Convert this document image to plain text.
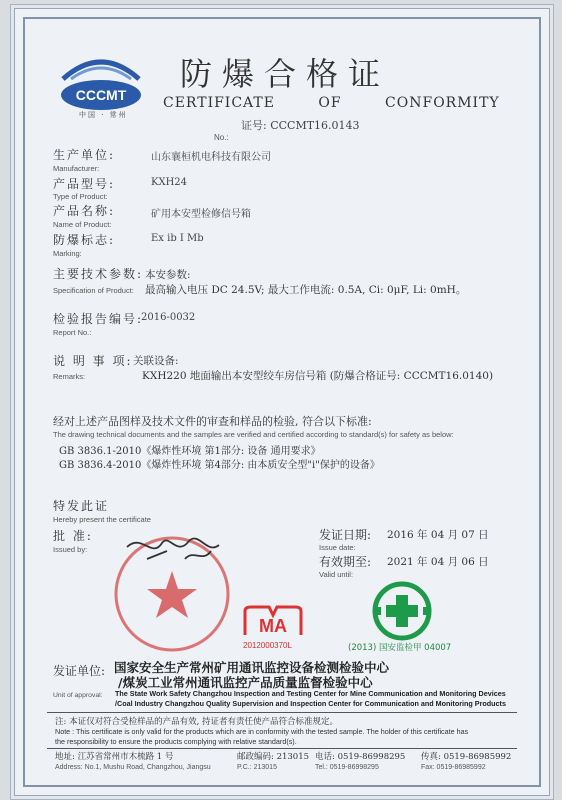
CCCMT
中国 · 常州
防爆合格证
CERTIFICATE OF CONFORMITY
证号: CCCMT16.0143
No.:
生产单位:	山东襄桓机电科技有限公司
Manufacturer:
产品型号:	KXH24
Type of Product:
产品名称:	矿用本安型检修信号箱
Name of Product:
防爆标志:	Ex ib I Mb
Marking:
主要技术参数: 本安参数:
Specification of Product: 最高输入电压 DC 24.5V; 最大工作电流: 0.5A, Ci: 0μF, Li: 0mH。
检验报告编号:
2016-0032
Report No.:
说 明 事 项: 关联设备:
Remarks:	KXH220 地面输出本安型绞车房信号箱 (防爆合格证号: CCCMT16.0140)
经对上述产品图样及技术文件的审查和样品的检验, 符合以下标准:
The drawing technical documents and the samples are verified and certified according to standard(s) for safety as below:
GB 3836.1-2010《爆炸性环境 第1部分: 设备 通用要求》
GB 3836.4-2010《爆炸性环境 第4部分: 由本质安全型"i"保护的设备》
特发此证
Hereby present the certificate
批 准:
Issued by:
发证日期: 2016 年 04 月 07 日
Issue date:
有效期至: 2021 年 04 月 06 日
Valid until:
MA
2012000370L	(2013) 国安监检甲 04007
发证单位: 国家安全生产常州矿用通讯监控设备检测检验中心
/煤炭工业常州通讯监控产品质量监督检验中心
Unit of approval: The State Work Safety Changzhou Inspection and Testing Center for Mine Communication and Monitoring Devices
/Coal Industry Changzhou Quality Supervision and Inspection Center for Communication and Monitoring Products
注: 本证仅对符合受检样品的产品有效, 持证者有责任使产品符合标准规定。
Note : This certificate is only valid for the products which are in conformity with the tested sample. The holder of this certificate has
the responsibility to ensure the products complying with relative standard(s).
地址: 江苏省常州市木梳路 1 号	邮政编码: 213015 电话: 0519-86998295 传真: 0519-86985992
Address: No.1, Mushu Road, Changzhou, Jiangsu	P.C.: 213015	Tel.: 0519-86998295	Fax: 0519-86985992
